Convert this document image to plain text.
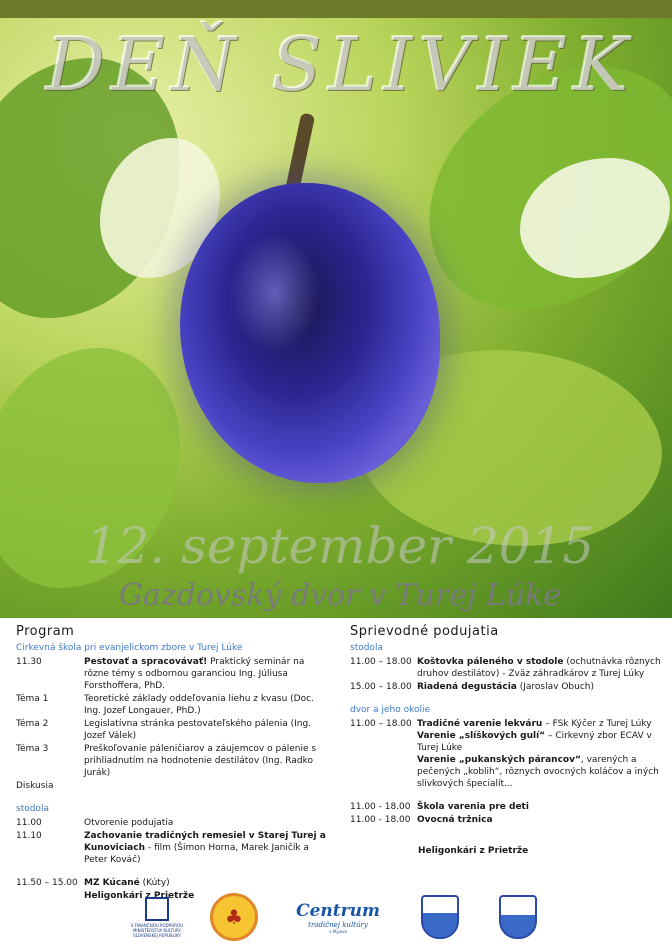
DEŇ SLIVIEK
12. september 2015
Gazdovský dvor v Turej Lúke
Program
Cirkevná škola pri evanjelickom zbore v Turej Lúke
11.30	Pestovať a spracovávať! Praktický seminár na rôzne témy s odbornou garanciou Ing. Júliusa Forsthoffera, PhD.
Téma 1	Teoretické základy oddeľovania liehu z kvasu (Doc. Ing. Jozef Longauer, PhD.)
Téma 2	Legislatívna stránka pestovateľského pálenia (Ing. Jozef Válek)
Téma 3	Preškoľovanie páleničiarov a záujemcov o pálenie s prihliadnutím na hodnotenie destilátov (Ing. Radko Jurák)
Diskusia
stodola
11.00	Otvorenie podujatia
11.10	Zachovanie tradičných remesiel v Starej Turej a Kunoviciach - film (Šimon Horna, Marek Janičík a Peter Kováč)
11.50 – 15.00 MZ Kúcané (Kúty)
Heligonkári z Prietrže
Sprievodné podujatia
stodola
11.00 – 18.00 Koštovka páleného v stodole (ochutnávka rôznych druhov destilátov) - Zväz záhradkárov z Turej Lúky
15.00 – 18.00 Riadená degustácia (Jaroslav Obuch)
dvor a jeho okolie
11.00 – 18.00 Tradičné varenie lekváru – FSk Kýčer z Turej Lúky
Varenie „slíškových gulí“ – Cirkevný zbor ECAV v Turej Lúke
Varenie „pukanských párancov“, varených a pečených „koblih“, rôznych ovocných koláčov a iných slivkových špecialít...
11.00 - 18.00 Škola varenia pre deti
11.00 - 18.00 Ovocná tržnica
Heligonkári z Prietrže
S FINANČNOU PODPOROU MINISTERSTVA KULTÚRY SLOVENSKEJ REPUBLIKY
♣	Centrum
tradičnej kultúry
v Myjave
